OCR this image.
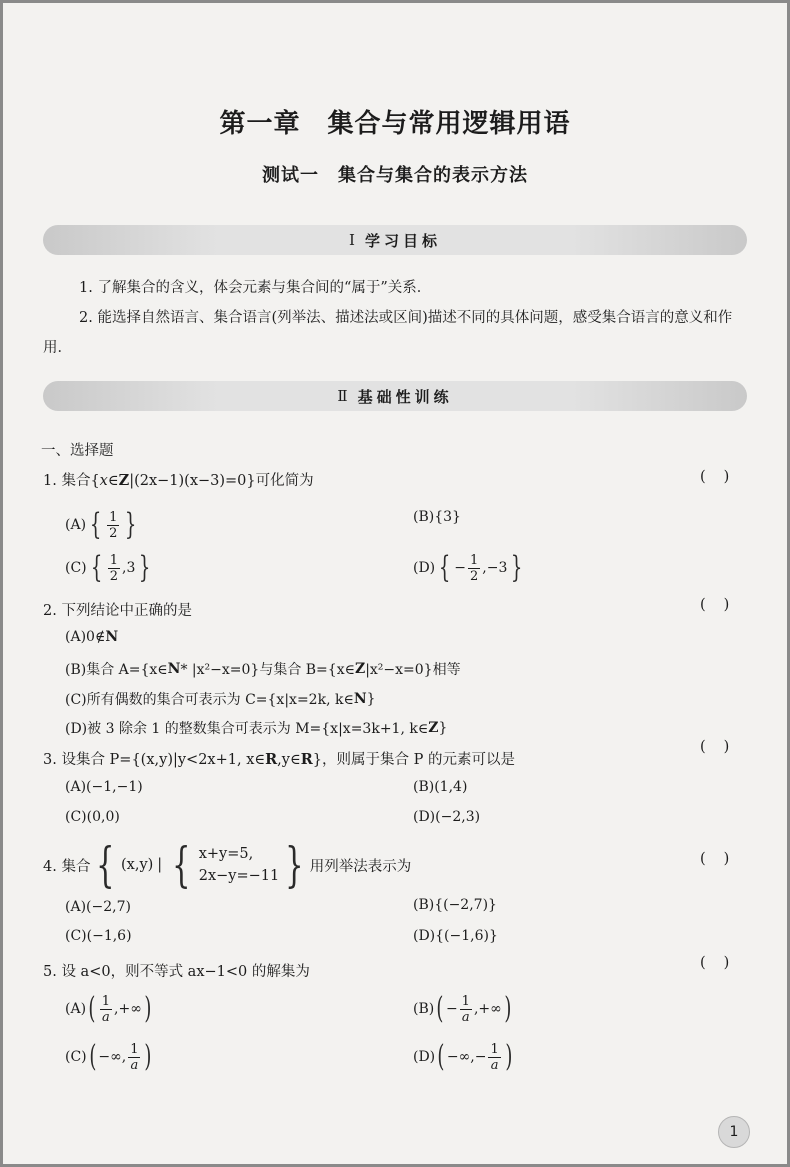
第一章　集合与常用逻辑用语
测试一　集合与集合的表示方法
Ⅰ 学习目标
1. 了解集合的含义，体会元素与集合间的“属于”关系．
2. 能选择自然语言、集合语言(列举法、描述法或区间)描述不同的具体问题，感受集合语言的意义和作用．
Ⅱ 基础性训练
一、选择题
1. 集合{x∈Z|(2x−1)(x−3)=0}可化简为	()
(A) { $\frac{1}{2}$ }	(B){3}
(C) { $\frac{1}{2} ,3$ }	(D) { − $\frac{1}{2} ,-3$ }
2. 下列结论中正确的是	()
(A)0∉ N
(B)集合 A={x∈ N * |x²−x=0}与集合 B={x∈ Z |x²−x=0}相等
(C)所有偶数的集合可表示为 C={x|x=2k, k∈ N }
(D)被 3 除余 1 的整数集合可表示为 M={x|x=3k+1, k∈ Z }
3. 设集合 P={(x,y)|y<2x+1, x∈R,y∈R}，则属于集合 P 的元素可以是
()
(A)(−1,−1)	(B)(1,4)
(C)(0,0)	(D)(−2,3)
4. 集合 { (x,y) | { x+y=5,
2x−y=−11 } 用列举法表示为	()
(A)(−2,7)	(B){(−2,7)}
(C)(−1,6)	(D){(−1,6)}
5. 设 a<0，则不等式 ax−1<0 的解集为
()
(A) ( $\frac{1}{a}$ ,+∞ )	(B) ( − $\frac{1}{a}$ ,+∞ )
(C) ( −∞, $\frac{1}{a}$ )	(D) ( −∞,− $\frac{1}{a}$ )
1
